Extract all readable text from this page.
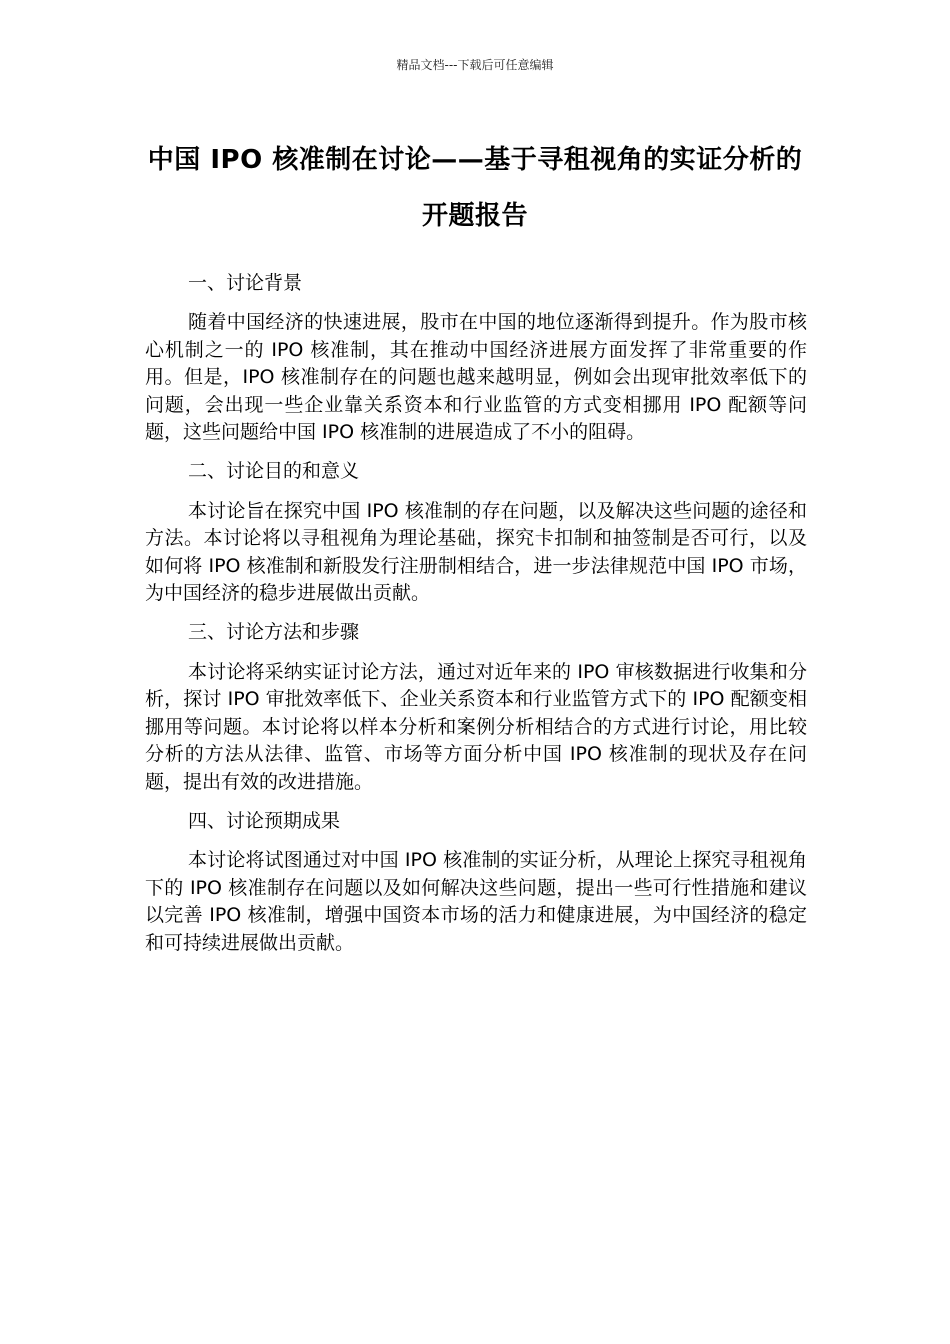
精品文档---下载后可任意编辑
中国 IPO 核准制在讨论——基于寻租视角的实证分析的开题报告
一、讨论背景

随着中国经济的快速进展，股市在中国的地位逐渐得到提升。作为股市核心机制之一的 IPO 核准制，其在推动中国经济进展方面发挥了非常重要的作用。但是，IPO 核准制存在的问题也越来越明显，例如会出现审批效率低下的问题，会出现一些企业靠关系资本和行业监管的方式变相挪用 IPO 配额等问题，这些问题给中国 IPO 核准制的进展造成了不小的阻碍。

二、讨论目的和意义

本讨论旨在探究中国 IPO 核准制的存在问题，以及解决这些问题的途径和方法。本讨论将以寻租视角为理论基础，探究卡扣制和抽签制是否可行，以及如何将 IPO 核准制和新股发行注册制相结合，进一步法律规范中国 IPO 市场，为中国经济的稳步进展做出贡献。

三、讨论方法和步骤

本讨论将采纳实证讨论方法，通过对近年来的 IPO 审核数据进行收集和分析，探讨 IPO 审批效率低下、企业关系资本和行业监管方式下的 IPO 配额变相挪用等问题。本讨论将以样本分析和案例分析相结合的方式进行讨论，用比较分析的方法从法律、监管、市场等方面分析中国 IPO 核准制的现状及存在问题，提出有效的改进措施。

四、讨论预期成果

本讨论将试图通过对中国 IPO 核准制的实证分析，从理论上探究寻租视角下的 IPO 核准制存在问题以及如何解决这些问题，提出一些可行性措施和建议以完善 IPO 核准制，增强中国资本市场的活力和健康进展，为中国经济的稳定和可持续进展做出贡献。
